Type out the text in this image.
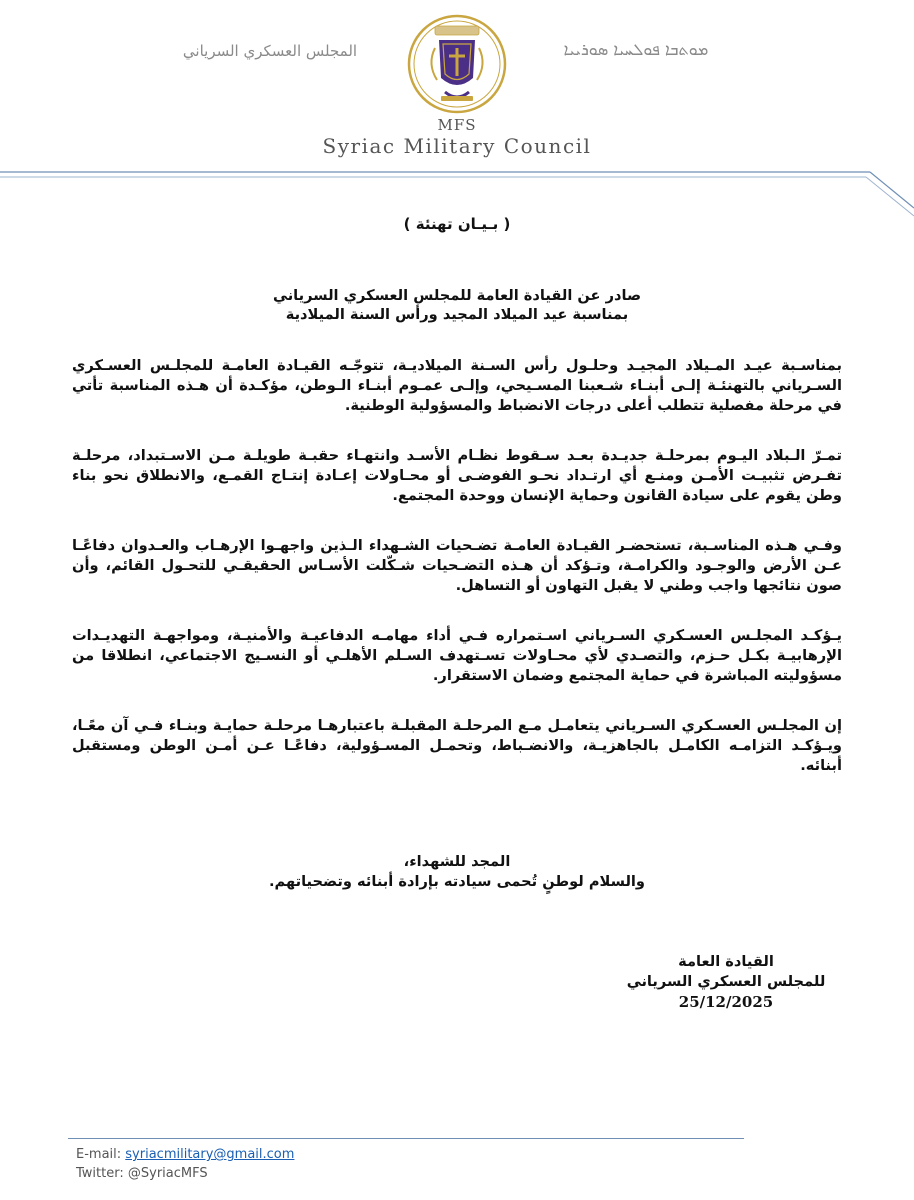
ܡܘܬܒܐ ܦܘܠܚܝܐ ܣܘܪܝܝܐ
المجلس العسكري السرياني
MFS
Syriac Military Council
( بـيـان تهنئة )
صادر عن القيادة العامة للمجلس العسكري السرياني
بمناسبة عيد الميلاد المجيد ورأس السنة الميلادية

بمناسـبة عيـد المـيلاد المجيـد وحلـول رأس السـنة الميلاديـة، تتوجّـه القيـادة العامـة للمجلـس العسـكري السـرياني بالتهنئـة إلـى أبنـاء شـعبنا المسـيحي، وإلـى عمـوم أبنـاء الـوطن، مؤكـدة أن هـذه المناسبة تأتي في مرحلة مفصلية تتطلب أعلى درجات الانضباط والمسؤولية الوطنية.

تمـرّ الـبلاد اليـوم بمرحلـة جديـدة بعـد سـقوط نظـام الأسـد وانتهـاء حقبـة طويلـة مـن الاسـتبداد، مرحلـة تفـرض تثبيـت الأمـن ومنـع أي ارتـداد نحـو الفوضـى أو محـاولات إعـادة إنتـاج القمـع، والانطلاق نحو بناء وطن يقوم على سيادة القانون وحماية الإنسان ووحدة المجتمع.

وفـي هـذه المناسـبة، تستحضـر القيـادة العامـة تضـحيات الشـهداء الـذين واجهـوا الإرهـاب والعـدوان دفاعًـا عـن الأرض والوجـود والكرامـة، وتـؤكد أن هـذه التضـحيات شـكّلت الأسـاس الحقيقـي للتحـول القائم، وأن صون نتائجها واجب وطني لا يقبل التهاون أو التساهل.

يـؤكـد المجلـس العسـكري السـرياني اسـتمراره فـي أداء مهامـه الدفاعيـة والأمنيـة، ومواجهـة التهديـدات الإرهابيـة بكـل حـزم، والتصـدي لأي محـاولات تسـتهدف السـلم الأهلـي أو النسـيج الاجتماعي، انطلاقا من مسؤوليته المباشرة في حماية المجتمع وضمان الاستقرار.

إن المجلـس العسـكري السـرياني يتعامـل مـع المرحلـة المقبلـة باعتبارهـا مرحلـة حمايـة وبنـاء فـي آن معًـا، ويـؤكـد التزامـه الكامـل بالجاهزيـة، والانضـباط، وتحمـل المسـؤولية، دفاعًـا عـن أمـن الوطن ومستقبل أبنائه.

المجد للشهداء،
والسلام لوطنٍ تُحمى سيادته بإرادة أبنائه وتضحياتهم.
القيادة العامة
للمجلس العسكري السرياني
25/12/2025
E-mail: syriacmilitary@gmail.com
Twitter: @SyriacMFS
